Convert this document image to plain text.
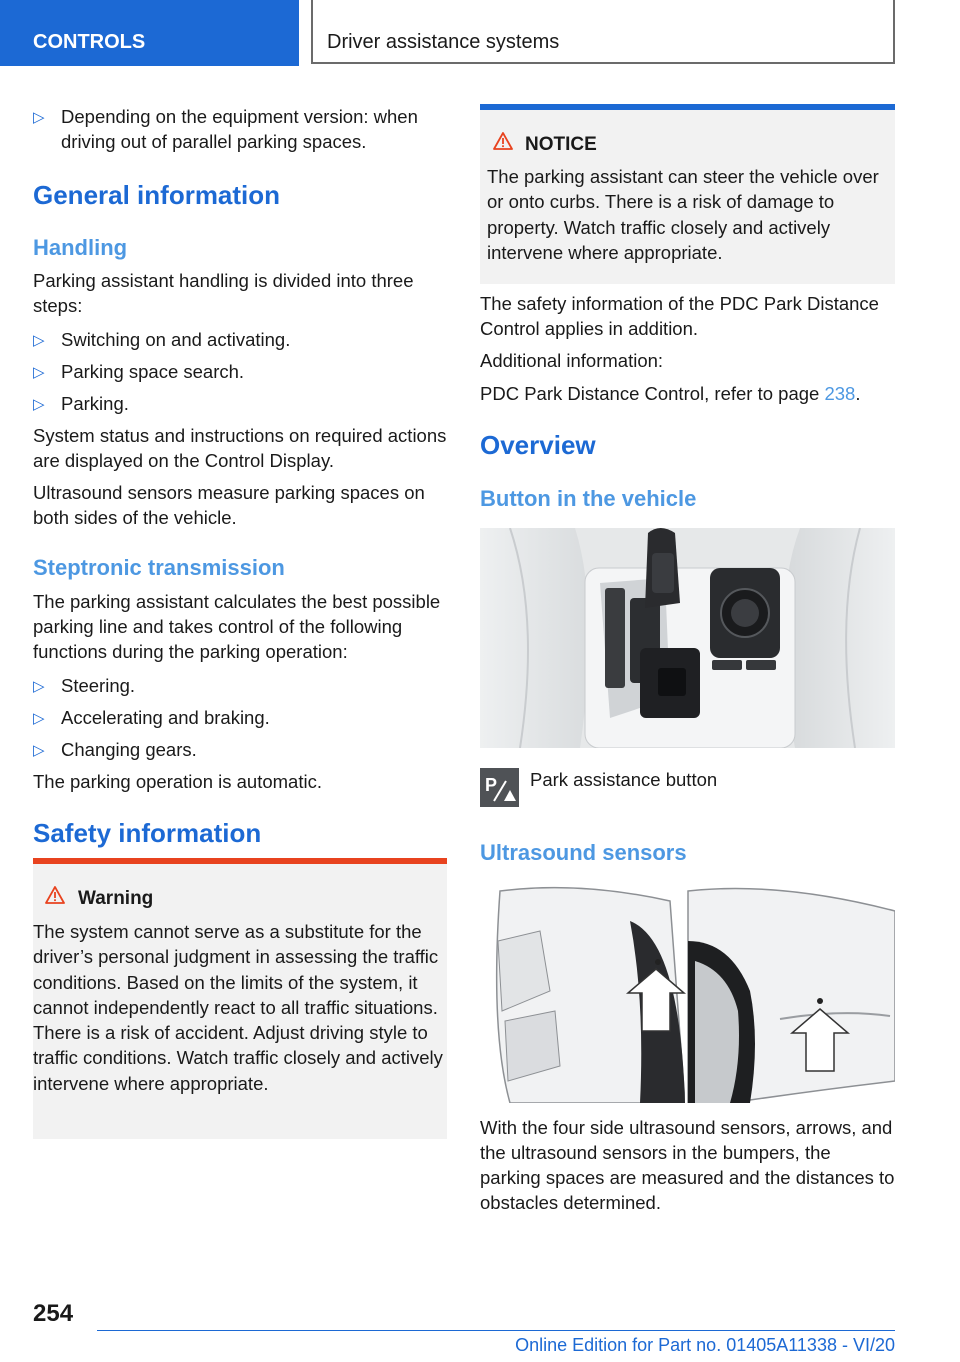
CONTROLS	Driver assistance systems
▷ Depending on the equipment version: when driving out of parallel parking spaces.
General information
Handling

Parking assistant handling is divided into three steps:

▷ Switching on and activating.
▷ Parking space search.
▷ Parking.

System status and instructions on required actions are displayed on the Control Display.

Ultrasound sensors measure parking spaces on both sides of the vehicle.

Steptronic transmission

The parking assistant calculates the best possible parking line and takes control of the following functions during the parking operation:

▷ Steering.
▷ Accelerating and braking.
▷ Changing gears.

The parking operation is automatic.

Safety information
Warning
The system cannot serve as a substitute for the driver’s personal judgment in assessing the traffic conditions. Based on the limits of the system, it cannot independently react to all traffic situations. There is a risk of accident. Adjust driving style to traffic conditions. Watch traffic closely and actively intervene where appropriate.
NOTICE
The parking assistant can steer the vehicle over or onto curbs. There is a risk of damage to property. Watch traffic closely and actively intervene where appropriate.

The safety information of the PDC Park Distance Control applies in addition.

Additional information:

PDC Park Distance Control, refer to page 238.

Overview
Button in the vehicle
P Park assistance button

Ultrasound sensors

With the four side ultrasound sensors, arrows, and the ultrasound sensors in the bumpers, the parking spaces are measured and the distances to obstacles determined.

254
Online Edition for Part no. 01405A11338 - VI/20
